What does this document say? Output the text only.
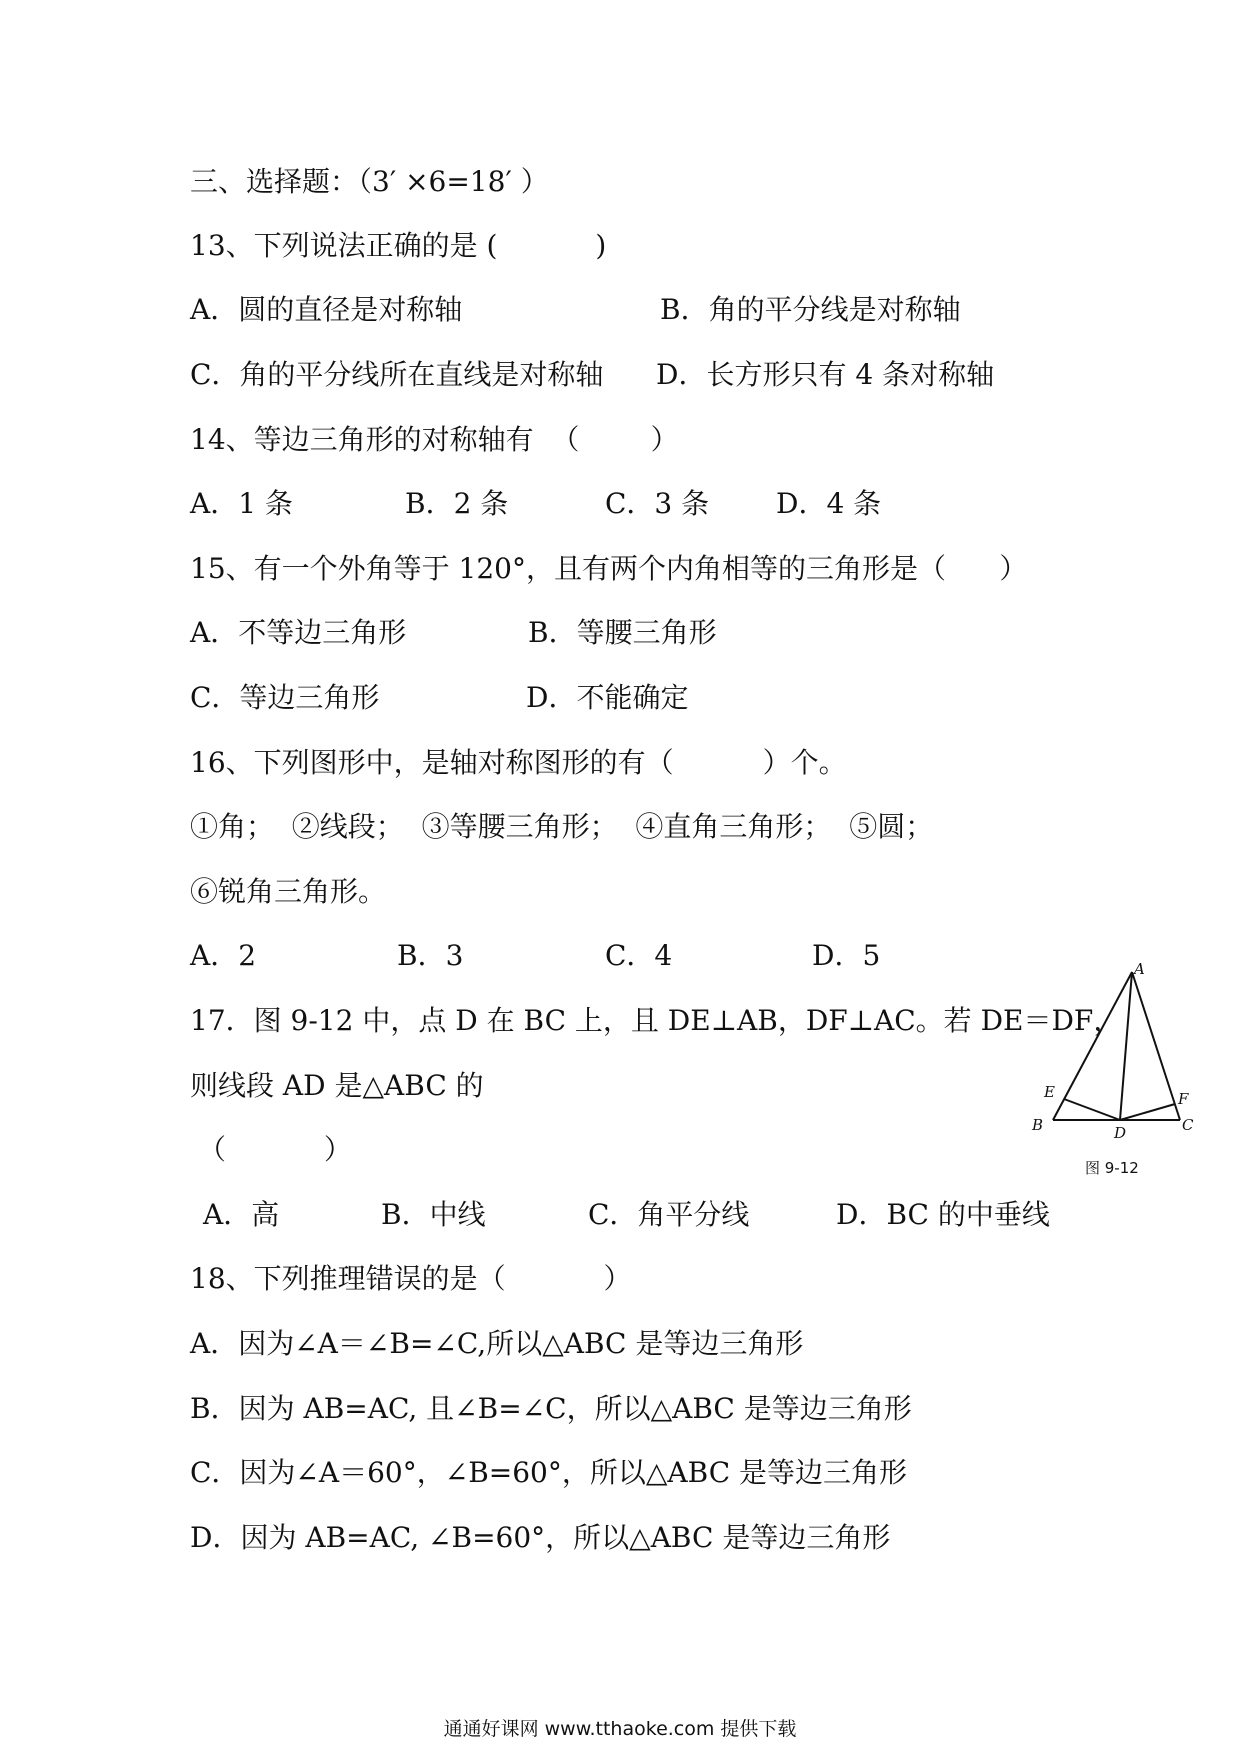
三、选择题：（3′ ×6=18′ ）
13、下列说法正确的是 (           )
A．圆的直径是对称轴	B．角的平分线是对称轴
C．角的平分线所在直线是对称轴 D．长方形只有 4 条对称轴
14、等边三角形的对称轴有  （        ）
A．1 条	B．2 条	C．3 条 D．4 条
15、有一个外角等于 120°，且有两个内角相等的三角形是（      ）
A．不等边三角形	B．等腰三角形
C．等边三角形	D．不能确定
16、下列图形中，是轴对称图形的有（          ）个。
①角；  ②线段；  ③等腰三角形；  ④直角三角形；  ⑤圆；
⑥锐角三角形。
A．2	B．3	C．4	D．5
17．图 9-12 中，点 D 在 BC 上，且 DE⊥AB，DF⊥AC。若 DE＝DF，
则线段 AD 是△ABC 的
（           ）
A．高	B．中线	C．角平分线	D．BC 的中垂线
A
B	C
D
E	F
图 9-12
18、下列推理错误的是（           ）
A．因为∠A＝∠B=∠C,所以△ABC 是等边三角形
B．因为 AB=AC, 且∠B=∠C，所以△ABC 是等边三角形
C．因为∠A＝60°，∠B=60°，所以△ABC 是等边三角形
D．因为 AB=AC, ∠B=60°，所以△ABC 是等边三角形
通通好课网 www.tthaoke.com 提供下载
